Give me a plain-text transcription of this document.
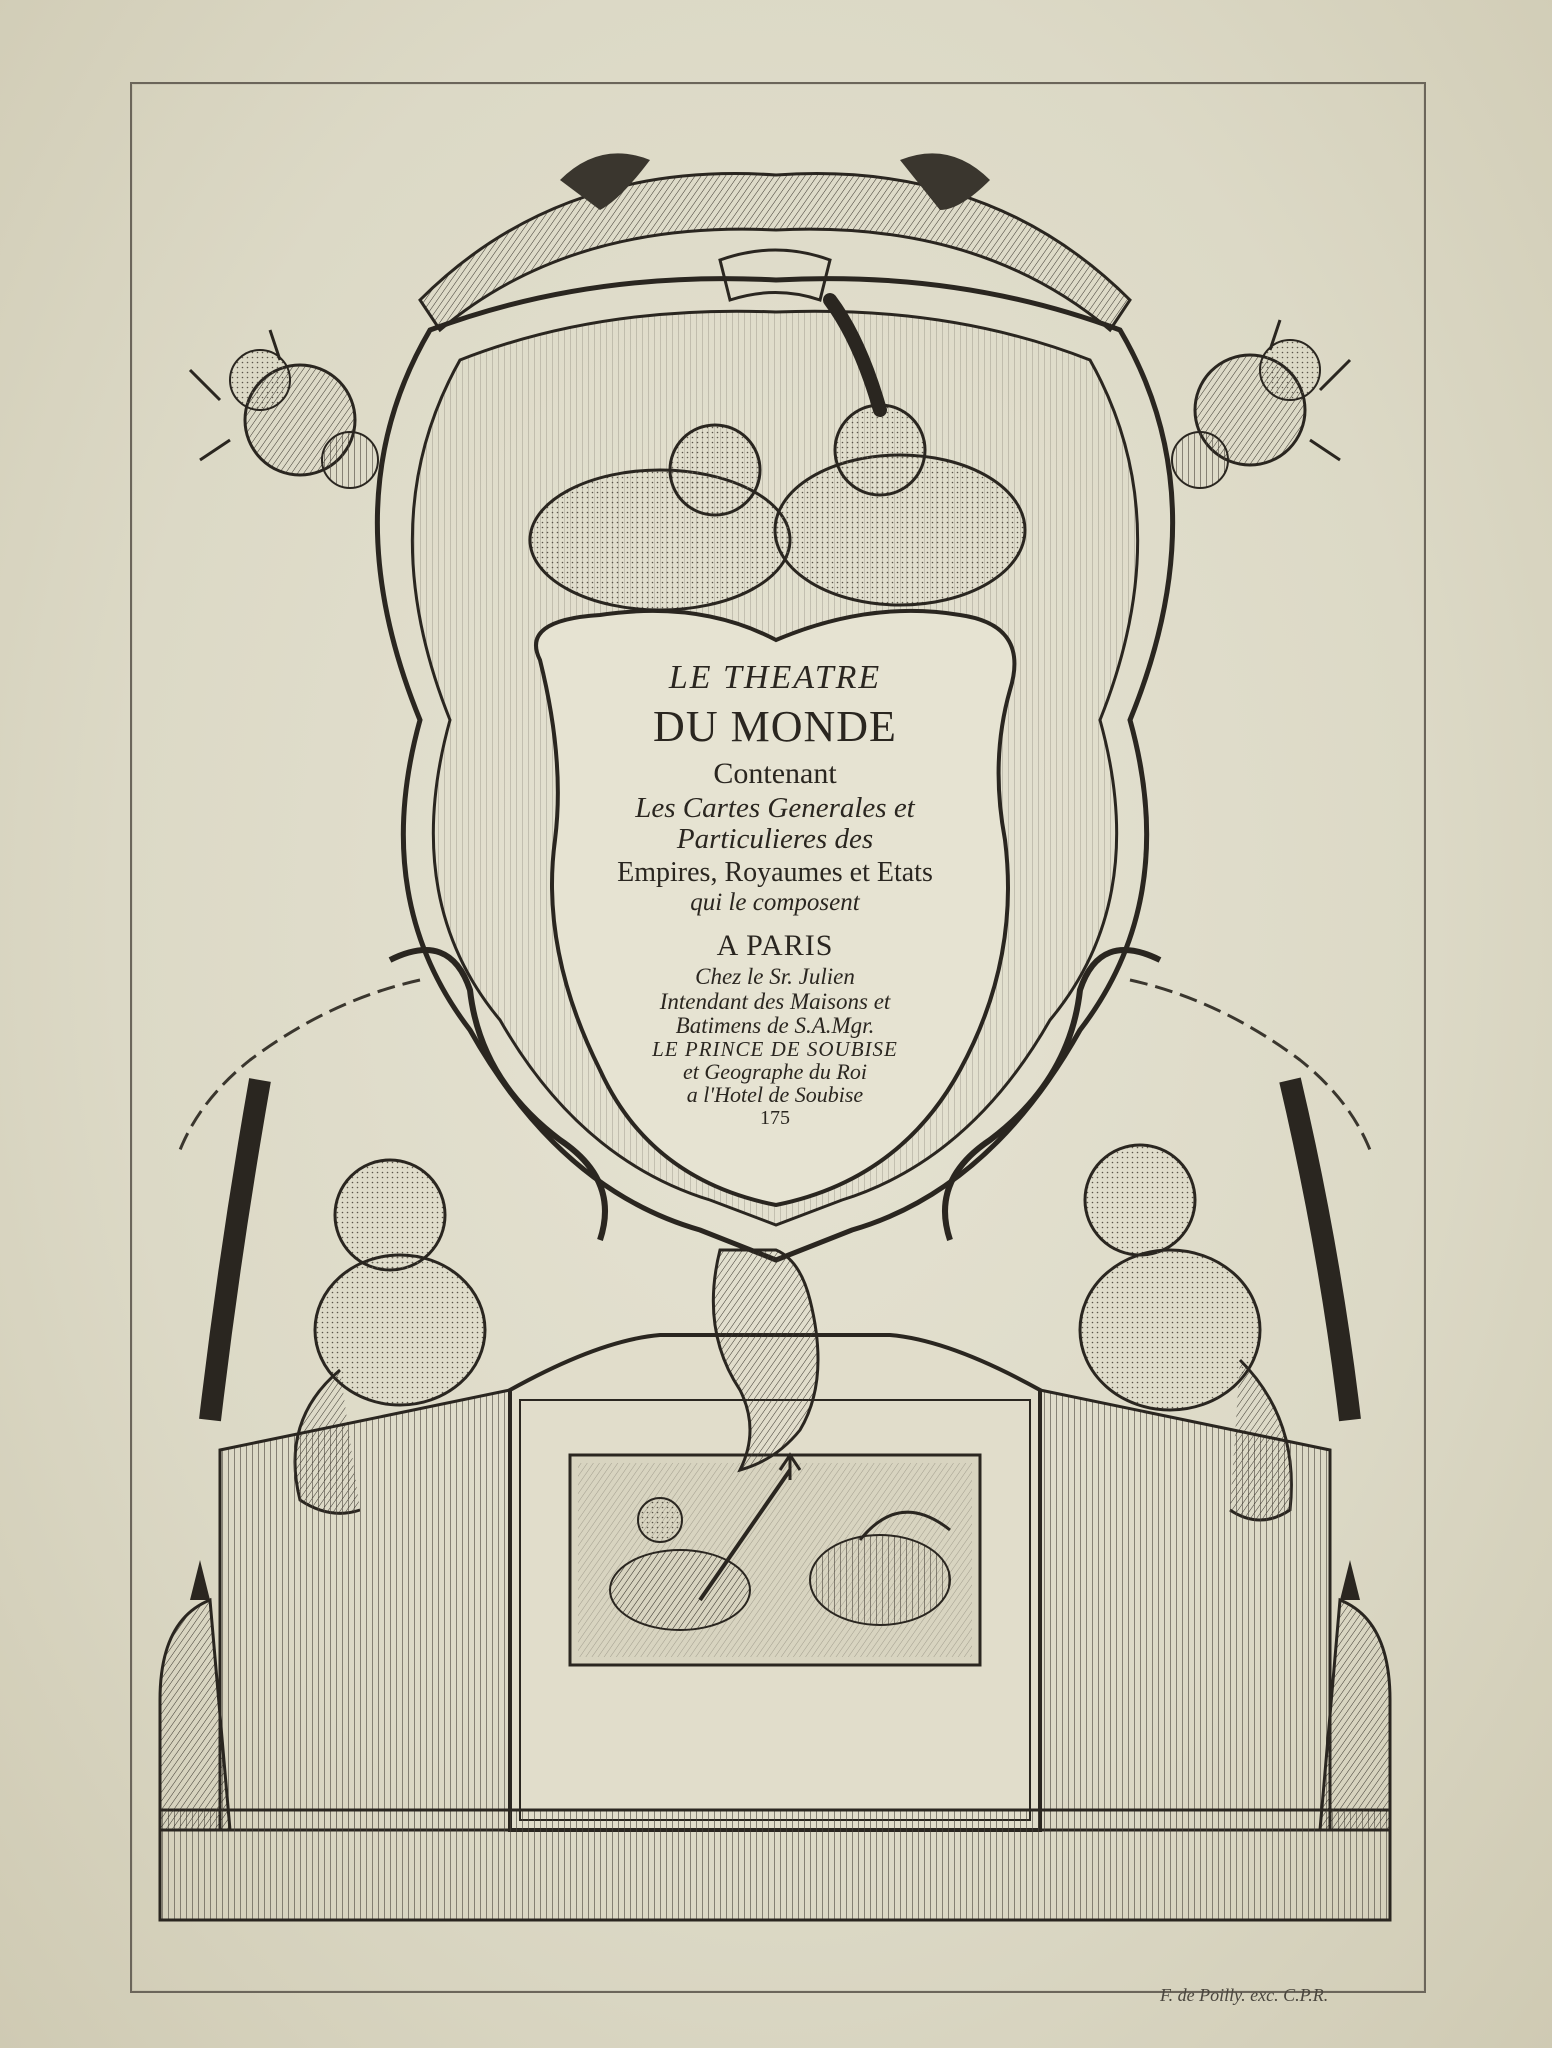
LE THEATRE
DU MONDE
Contenant
Les Cartes Generales et
Particulieres des
Empires, Royaumes et Etats
qui le composent
A PARIS
Chez le Sr. Julien
Intendant des Maisons et
Batimens de S.A.Mgr.
LE PRINCE DE SOUBISE
et Geographe du Roi
a l'Hotel de Soubise
175
F. de Poilly. exc. C.P.R.
